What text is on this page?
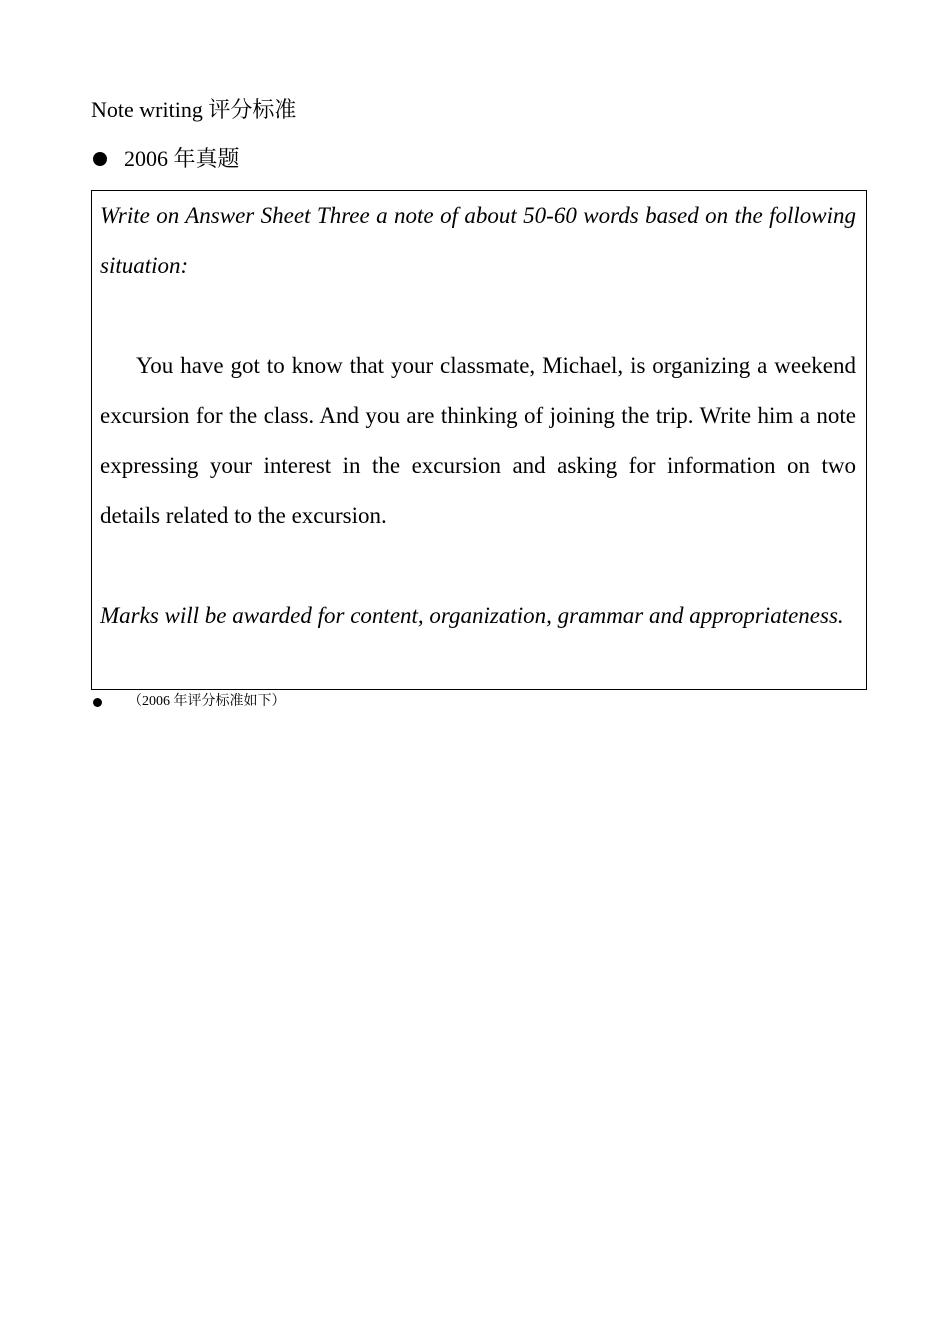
Note writing 评分标准
2006 年真题

Write on Answer Sheet Three a note of about 50-60 words based on the following situation:

You have got to know that your classmate, Michael, is organizing a weekend excursion for the class. And you are thinking of joining the trip. Write him a note expressing your interest in the excursion and asking for information on two details related to the excursion.

Marks will be awarded for content, organization, grammar and appropriateness.

（2006 年评分标准如下）
